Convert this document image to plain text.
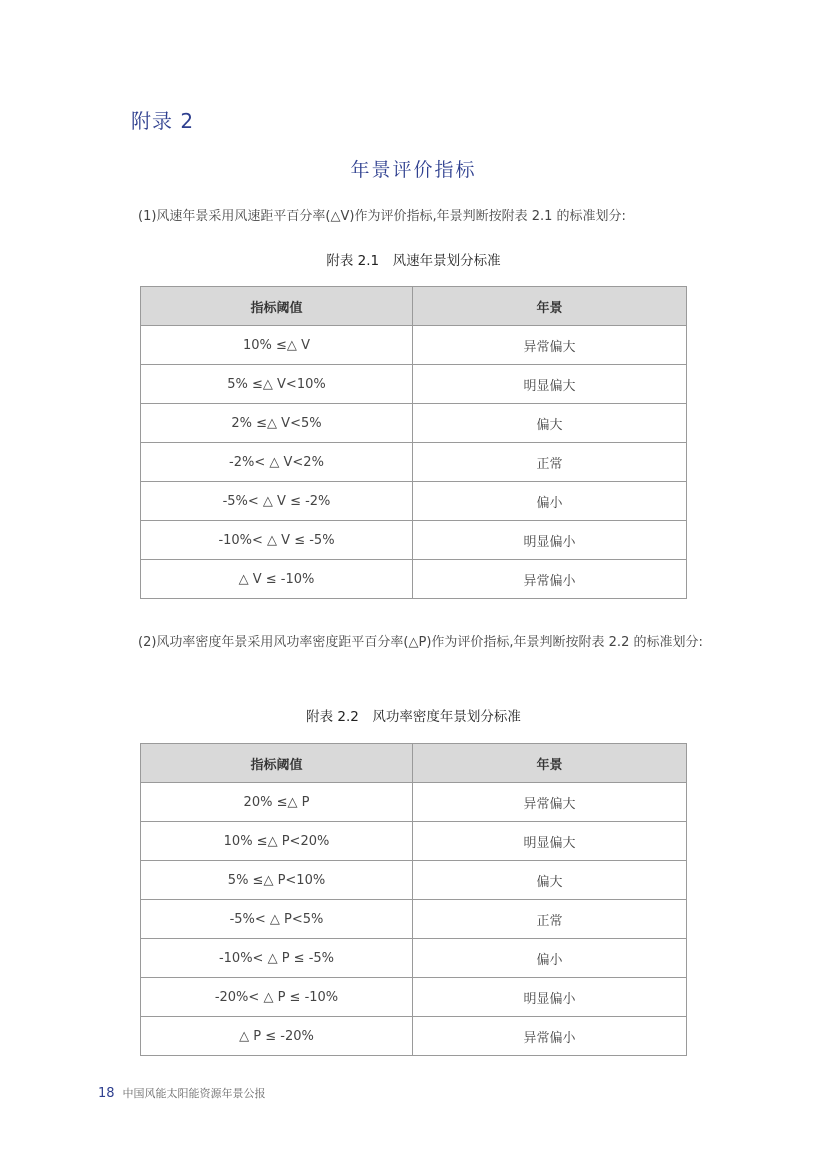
附录 2
年景评价指标
(1)风速年景采用风速距平百分率(△V)作为评价指标,年景判断按附表 2.1 的标准划分:
附表 2.1　风速年景划分标准
指标阈值	年景
10% ≤△ V	异常偏大
5% ≤△ V<10%	明显偏大
2% ≤△ V<5%	偏大
-2%< △ V<2%	正常
-5%< △ V ≤ -2%	偏小
-10%< △ V ≤ -5%	明显偏小
△ V ≤ -10%	异常偏小
(2)风功率密度年景采用风功率密度距平百分率(△P)作为评价指标,年景判断按附表 2.2 的标准划分:
附表 2.2　风功率密度年景划分标准
指标阈值	年景
20% ≤△ P	异常偏大
10% ≤△ P<20%	明显偏大
5% ≤△ P<10%	偏大
-5%< △ P<5%	正常
-10%< △ P ≤ -5%	偏小
-20%< △ P ≤ -10%	明显偏小
△ P ≤ -20%	异常偏小
18 中国风能太阳能资源年景公报
